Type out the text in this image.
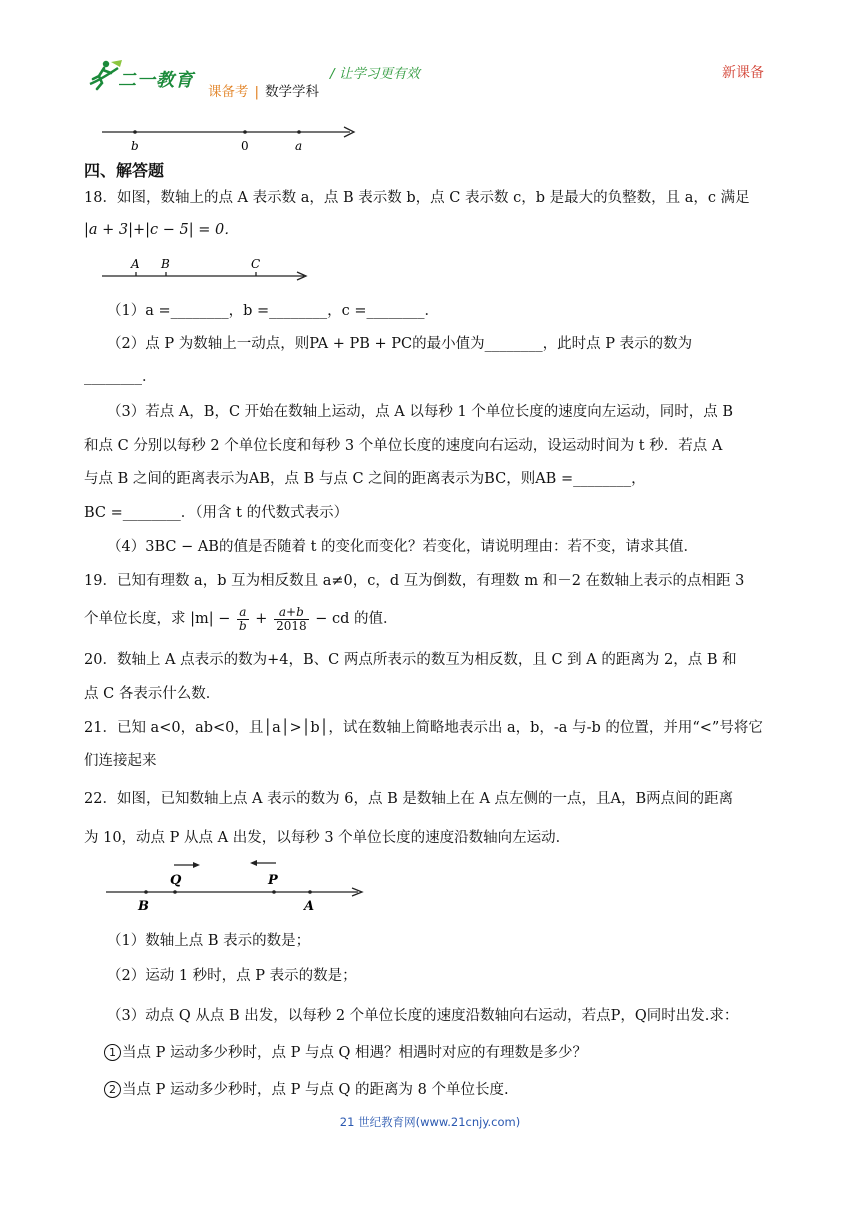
二一教育	/ 让学习更有效	新课备
课备考 | 数学学科
b	0	a
四、解答题
18．如图，数轴上的点 A 表示数 a，点 B 表示数 b，点 C 表示数 c，b 是最大的负整数，且 a，c 满足
|a + 3|+|c − 5| = 0．
A B	C
（1）a =________，b =________，c =________．
（2）点 P 为数轴上一动点，则PA + PB + PC的最小值为________，此时点 P 表示的数为
________．
（3）若点 A，B，C 开始在数轴上运动，点 A 以每秒 1 个单位长度的速度向左运动，同时，点 B
和点 C 分别以每秒 2 个单位长度和每秒 3 个单位长度的速度向右运动，设运动时间为 t 秒．若点 A
与点 B 之间的距离表示为AB，点 B 与点 C 之间的距离表示为BC，则AB =________，
BC =________．（用含 t 的代数式表示）
（4）3BC − AB的值是否随着 t 的变化而变化？若变化，请说明理由：若不变，请求其值．
19．已知有理数 a，b 互为相反数且 a≠0，c，d 互为倒数，有理数 m 和－2 在数轴上表示的点相距 3
个单位长度，求 $|m| - \frac{a}{b} + \frac{a+b}{2018}$ − cd 的值．
20．数轴上 A 点表示的数为+4，B、C 两点所表示的数互为相反数，且 C 到 A 的距离为 2，点 B 和
点 C 各表示什么数．
21．已知 a<0，ab<0，且│a│>│b│，试在数轴上简略地表示出 a，b，-a 与-b 的位置，并用“<”号将它
们连接起来
22．如图，已知数轴上点 A 表示的数为 6，点 B 是数轴上在 A 点左侧的一点，且A，B两点间的距离
为 10，动点 P 从点 A 出发，以每秒 3 个单位长度的速度沿数轴向左运动．
Q	P
B	A
（1）数轴上点 B 表示的数是；
（2）运动 1 秒时，点 P 表示的数是；
（3）动点 Q 从点 B 出发，以每秒 2 个单位长度的速度沿数轴向右运动，若点P，Q同时出发.求：
1 当点 P 运动多少秒时，点 P 与点 Q 相遇？相遇时对应的有理数是多少？
2 当点 P 运动多少秒时，点 P 与点 Q 的距离为 8 个单位长度.
21 世纪教育网(www.21cnjy.com)
